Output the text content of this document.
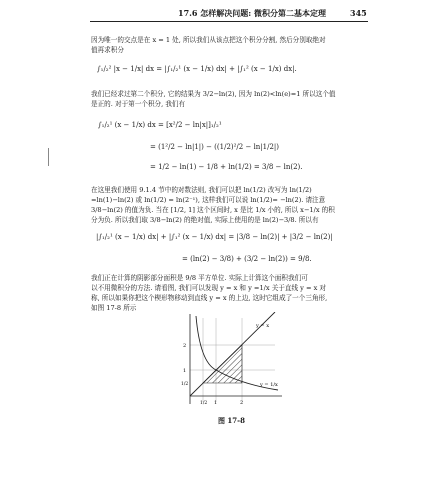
17.6 怎样解决问题: 微积分第二基本定理	345
因为唯一的交点是在 x = 1 处, 所以我们从该点把这个积分分割, 然后分别取绝对
值再求积分
∫₁/₂² |x − 1/x| dx = |∫₁/₂¹ (x − 1/x) dx| + |∫₁² (x − 1/x) dx|.
我们已经求过第二个积分, 它的结果为 3/2−ln(2), 因为 ln(2)<ln(e)=1 所以这个值
是正的. 对于第一个积分, 我们有
∫₁/₂¹ (x − 1/x) dx = [x²/2 − ln|x|]₁/₂¹
= (1²/2 − ln|1|) − ((1/2)²/2 − ln|1/2|)
= 1/2 − ln(1) − 1/8 + ln(1/2) = 3/8 − ln(2).
在这里我们使用 9.1.4 节中的对数法则, 我们可以把 ln(1/2) 改写为 ln(1/2)
=ln(1)−ln(2) 或 ln(1/2) = ln(2⁻¹), 这样我们可以说 ln(1/2)= −ln(2). 请注意
3/8−ln(2) 的值为负. 当在 [1/2, 1] 这个区间时, x 是比 1/x 小的, 所以 x−1/x 的积
分为负. 所以我们取 3/8−ln(2) 的绝对值, 实际上使用的是 ln(2)−3/8. 所以有
|∫₁/₂¹ (x − 1/x) dx| + |∫₁² (x − 1/x) dx| = |3/8 − ln(2)| + |3/2 − ln(2)|
= (ln(2) − 3/8) + (3/2 − ln(2)) = 9/8.
我们正在计算的阴影部分面积是 9/8 平方单位. 实际上计算这个面积我们可
以不用微积分的方法. 请看图, 我们可以发现 y = x 和 y =1/x 关于直线 y = x 对
称, 所以如果你把这个楔形物移动到直线 y = x 的上边, 这时它组成了一个三角形,
如图 17-8 所示
y = x
y = 1/x
2
1
1/2
1/2 1	2
图 17-8
